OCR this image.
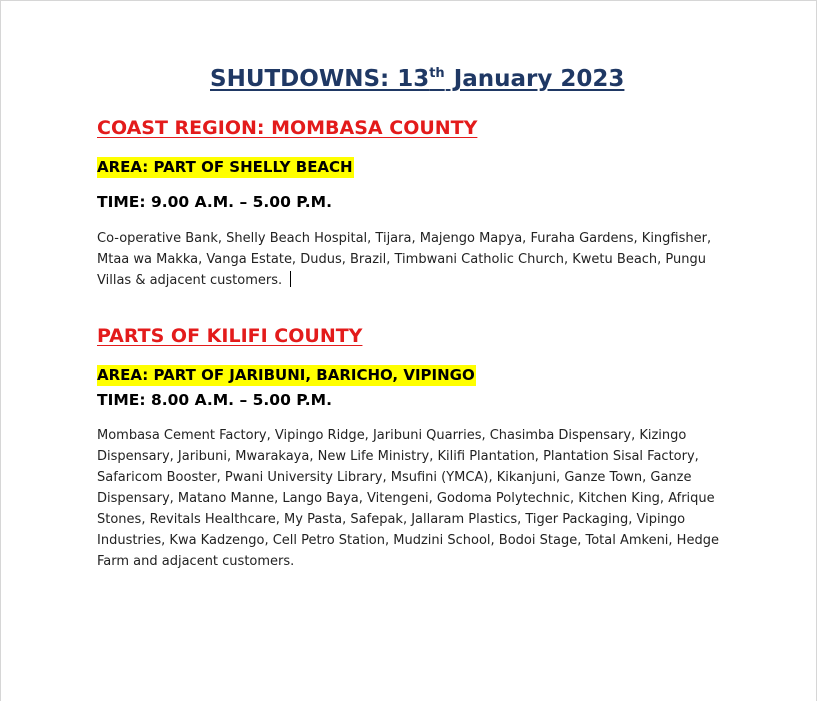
SHUTDOWNS: 13th January 2023
COAST REGION: MOMBASA COUNTY
AREA: PART OF SHELLY BEACH
TIME: 9.00 A.M. – 5.00 P.M.

Co-operative Bank, Shelly Beach Hospital, Tijara, Majengo Mapya, Furaha Gardens, Kingfisher, Mtaa wa Makka, Vanga Estate, Dudus, Brazil, Timbwani Catholic Church, Kwetu Beach, Pungu Villas & adjacent customers.

PARTS OF KILIFI COUNTY
AREA: PART OF JARIBUNI, BARICHO, VIPINGO
TIME: 8.00 A.M. – 5.00 P.M.

Mombasa Cement Factory, Vipingo Ridge, Jaribuni Quarries, Chasimba Dispensary, Kizingo Dispensary, Jaribuni, Mwarakaya, New Life Ministry, Kilifi Plantation, Plantation Sisal Factory, Safaricom Booster, Pwani University Library, Msufini (YMCA), Kikanjuni, Ganze Town, Ganze Dispensary, Matano Manne, Lango Baya, Vitengeni, Godoma Polytechnic, Kitchen King, Afrique Stones, Revitals Healthcare, My Pasta, Safepak, Jallaram Plastics, Tiger Packaging, Vipingo Industries, Kwa Kadzengo, Cell Petro Station, Mudzini School, Bodoi Stage, Total Amkeni, Hedge Farm and adjacent customers.
